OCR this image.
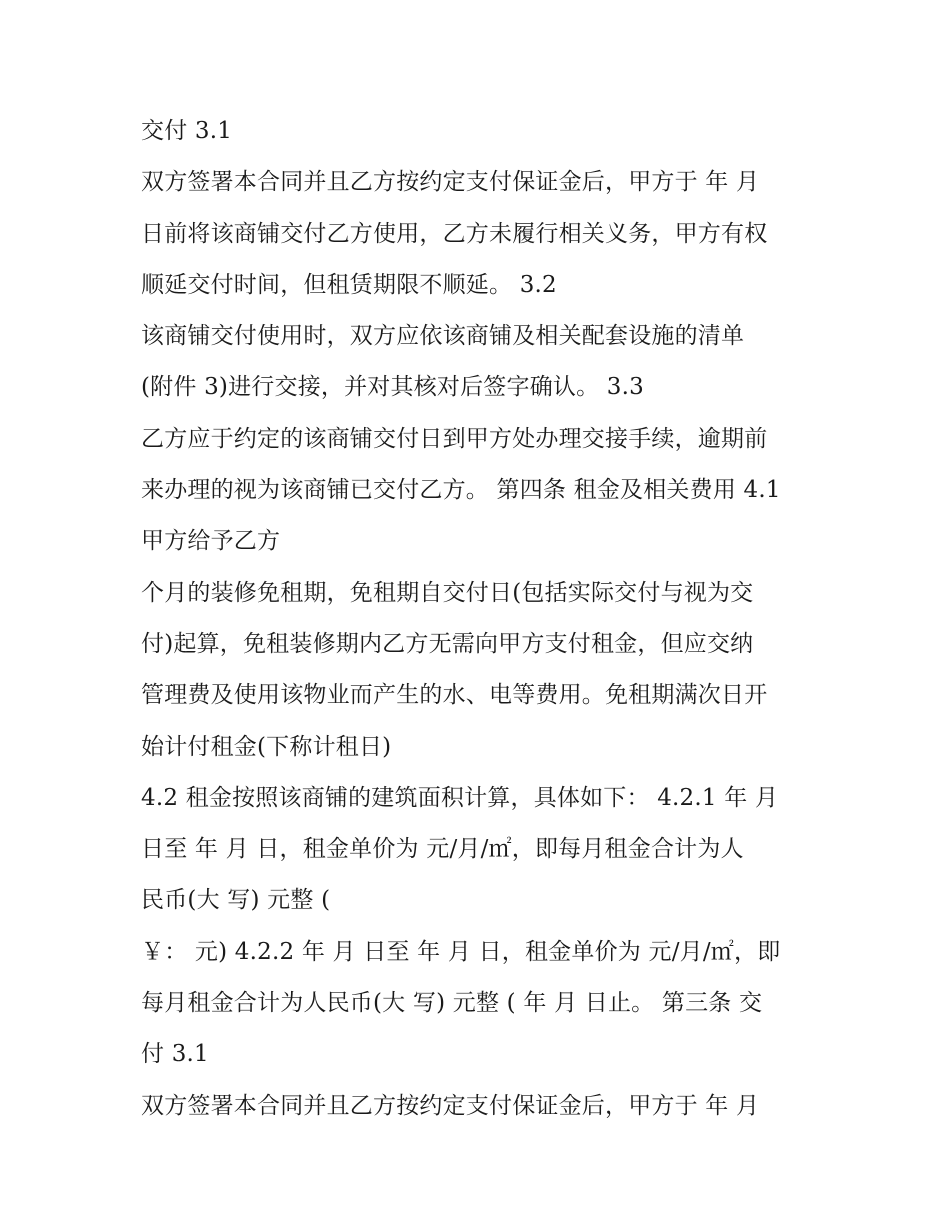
交付 3.1
双方签署本合同并且乙方按约定支付保证金后，甲方于 年 月
日前将该商铺交付乙方使用，乙方未履行相关义务，甲方有权
顺延交付时间，但租赁期限不顺延。 3.2
该商铺交付使用时，双方应依该商铺及相关配套设施的清单
(附件 3)进行交接，并对其核对后签字确认。 3.3
乙方应于约定的该商铺交付日到甲方处办理交接手续，逾期前
来办理的视为该商铺已交付乙方。 第四条 租金及相关费用 4.1
甲方给予乙方
个月的装修免租期，免租期自交付日(包括实际交付与视为交
付)起算，免租装修期内乙方无需向甲方支付租金，但应交纳
管理费及使用该物业而产生的水、电等费用。免租期满次日开
始计付租金(下称计租日)
4.2 租金按照该商铺的建筑面积计算，具体如下： 4.2.1 年 月
日至 年 月 日，租金单价为 元/月/㎡，即每月租金合计为人
民币(大 写) 元整 (
￥： 元) 4.2.2 年 月 日至 年 月 日，租金单价为 元/月/㎡，即
每月租金合计为人民币(大 写) 元整 ( 年 月 日止。 第三条 交
付 3.1
双方签署本合同并且乙方按约定支付保证金后，甲方于 年 月
